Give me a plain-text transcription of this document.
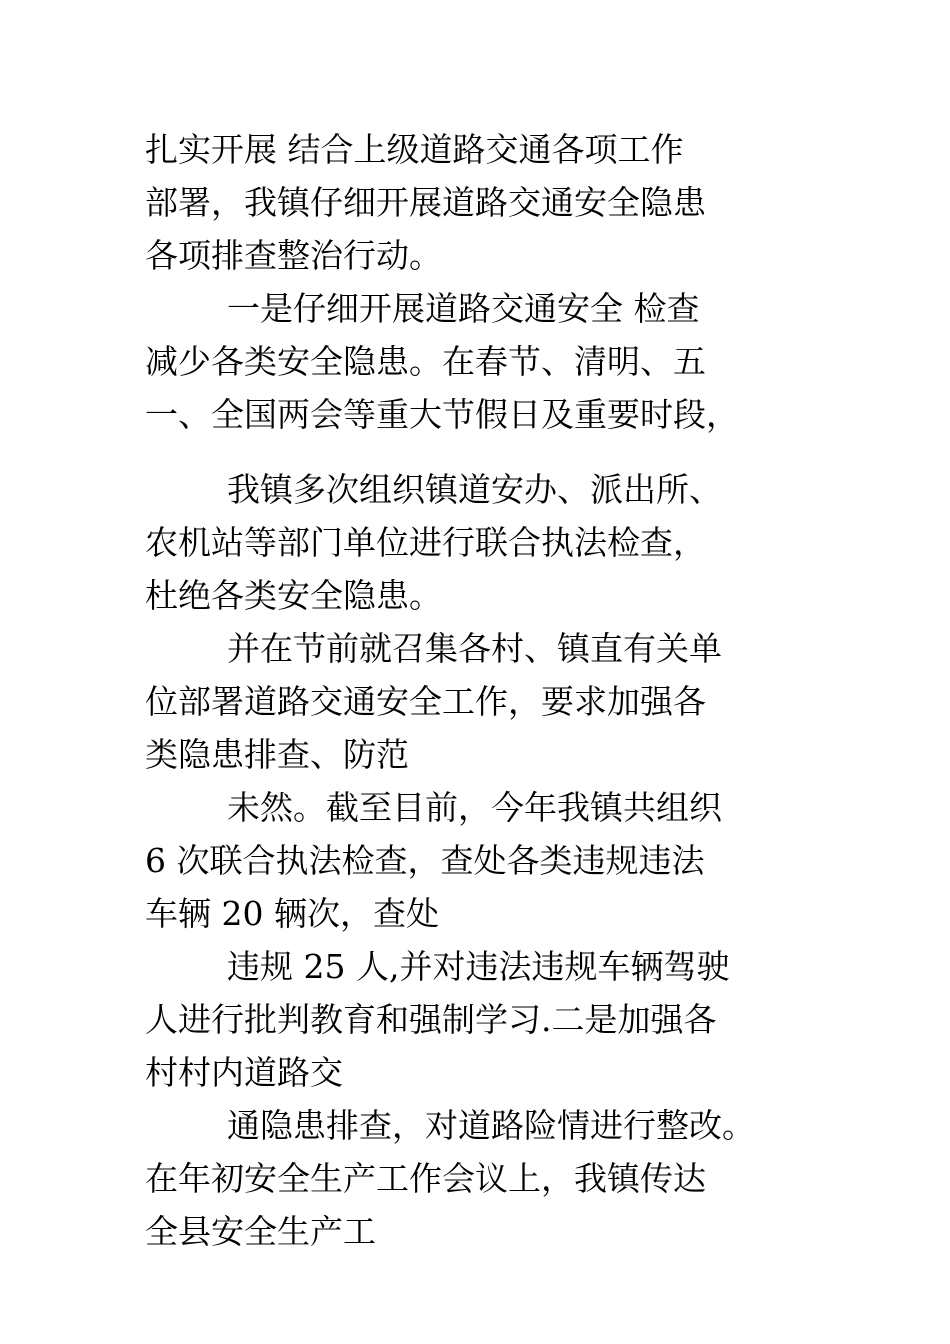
扎实开展 结合上级道路交通各项工作
部署，我镇仔细开展道路交通安全隐患
各项排查整治行动。
一是仔细开展道路交通安全 检查
减少各类安全隐患。在春节、清明、五
一、全国两会等重大节假日及重要时段，
我镇多次组织镇道安办、派出所、
农机站等部门单位进行联合执法检查，
杜绝各类安全隐患。
并在节前就召集各村、镇直有关单
位部署道路交通安全工作，要求加强各
类隐患排查、防范
未然。截至目前，今年我镇共组织
6 次联合执法检查，查处各类违规违法
车辆 20 辆次，查处
违规 25 人,并对违法违规车辆驾驶
人进行批判教育和强制学习.二是加强各
村村内道路交
通隐患排查，对道路险情进行整改。
在年初安全生产工作会议上，我镇传达
全县安全生产工
